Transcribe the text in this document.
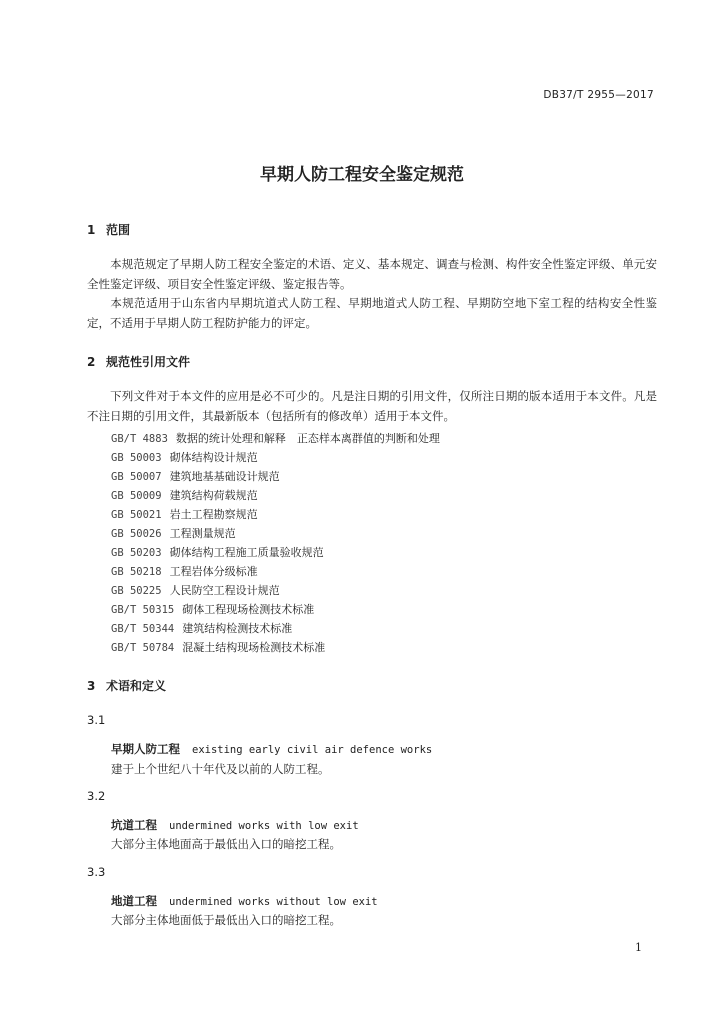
DB37/T 2955—2017
早期人防工程安全鉴定规范
1 范围
本规范规定了早期人防工程安全鉴定的术语、定义、基本规定、调查与检测、构件安全性鉴定评级、单元安全性鉴定评级、项目安全性鉴定评级、鉴定报告等。
本规范适用于山东省内早期坑道式人防工程、早期地道式人防工程、早期防空地下室工程的结构安全性鉴定，不适用于早期人防工程防护能力的评定。
2 规范性引用文件
下列文件对于本文件的应用是必不可少的。凡是注日期的引用文件，仅所注日期的版本适用于本文件。凡是不注日期的引用文件，其最新版本（包括所有的修改单）适用于本文件。
GB/T 4883 数据的统计处理和解释　正态样本离群值的判断和处理
GB 50003 砌体结构设计规范
GB 50007 建筑地基基础设计规范
GB 50009 建筑结构荷载规范
GB 50021 岩土工程勘察规范
GB 50026 工程测量规范
GB 50203 砌体结构工程施工质量验收规范
GB 50218 工程岩体分级标准
GB 50225 人民防空工程设计规范
GB/T 50315 砌体工程现场检测技术标准
GB/T 50344 建筑结构检测技术标准
GB/T 50784 混凝土结构现场检测技术标准
3 术语和定义
3.1
早期人防工程 existing early civil air defence works
建于上个世纪八十年代及以前的人防工程。
3.2
坑道工程 undermined works with low exit
大部分主体地面高于最低出入口的暗挖工程。
3.3
地道工程 undermined works without low exit
大部分主体地面低于最低出入口的暗挖工程。
1
